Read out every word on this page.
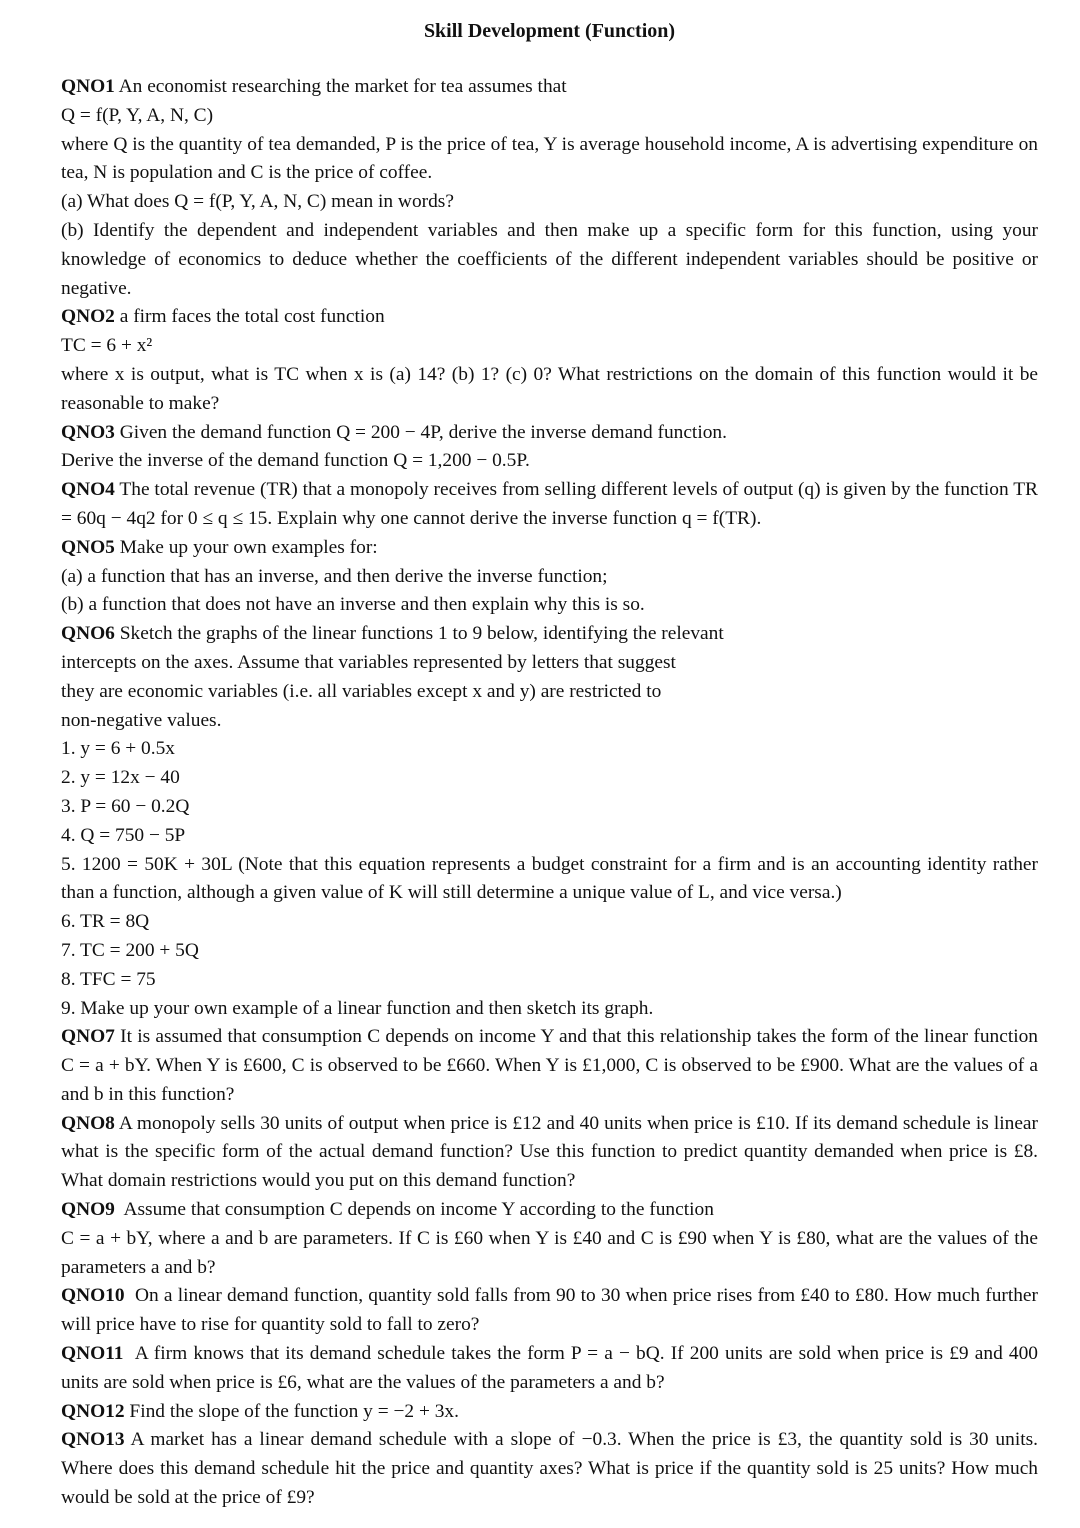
Skill Development (Function)

QNO1 An economist researching the market for tea assumes that

Q = f(P, Y, A, N, C)

where Q is the quantity of tea demanded, P is the price of tea, Y is average household income, A is advertising expenditure on tea, N is population and C is the price of coffee.

(a) What does Q = f(P, Y, A, N, C) mean in words?

(b) Identify the dependent and independent variables and then make up a specific form for this function, using your knowledge of economics to deduce whether the coefficients of the different independent variables should be positive or negative.

QNO2 a firm faces the total cost function

TC = 6 + x²

where x is output, what is TC when x is (a) 14? (b) 1? (c) 0? What restrictions on the domain of this function would it be reasonable to make?

QNO3 Given the demand function Q = 200 − 4P, derive the inverse demand function.

Derive the inverse of the demand function Q = 1,200 − 0.5P.

QNO4 The total revenue (TR) that a monopoly receives from selling different levels of output (q) is given by the function TR = 60q − 4q2 for 0 ≤ q ≤ 15. Explain why one cannot derive the inverse function q = f(TR).

QNO5 Make up your own examples for:

(a) a function that has an inverse, and then derive the inverse function;

(b) a function that does not have an inverse and then explain why this is so.

QNO6 Sketch the graphs of the linear functions 1 to 9 below, identifying the relevant

intercepts on the axes. Assume that variables represented by letters that suggest

they are economic variables (i.e. all variables except x and y) are restricted to

non-negative values.

1. y = 6 + 0.5x

2. y = 12x − 40

3. P = 60 − 0.2Q

4. Q = 750 − 5P

5. 1200 = 50K + 30L (Note that this equation represents a budget constraint for a firm and is an accounting identity rather than a function, although a given value of K will still determine a unique value of L, and vice versa.)

6. TR = 8Q

7. TC = 200 + 5Q

8. TFC = 75

9. Make up your own example of a linear function and then sketch its graph.

QNO7 It is assumed that consumption C depends on income Y and that this relationship takes the form of the linear function C = a + bY. When Y is £600, C is observed to be £660. When Y is £1,000, C is observed to be £900. What are the values of a and b in this function?

QNO8 A monopoly sells 30 units of output when price is £12 and 40 units when price is £10. If its demand schedule is linear what is the specific form of the actual demand function? Use this function to predict quantity demanded when price is £8. What domain restrictions would you put on this demand function?

QNO9 Assume that consumption C depends on income Y according to the function

C = a + bY, where a and b are parameters. If C is £60 when Y is £40 and C is £90 when Y is £80, what are the values of the parameters a and b?

QNO10 On a linear demand function, quantity sold falls from 90 to 30 when price rises from £40 to £80. How much further will price have to rise for quantity sold to fall to zero?

QNO11 A firm knows that its demand schedule takes the form P = a − bQ. If 200 units are sold when price is £9 and 400 units are sold when price is £6, what are the values of the parameters a and b?

QNO12 Find the slope of the function y = −2 + 3x.

QNO13 A market has a linear demand schedule with a slope of −0.3. When the price is £3, the quantity sold is 30 units. Where does this demand schedule hit the price and quantity axes? What is price if the quantity sold is 25 units? How much would be sold at the price of £9?
